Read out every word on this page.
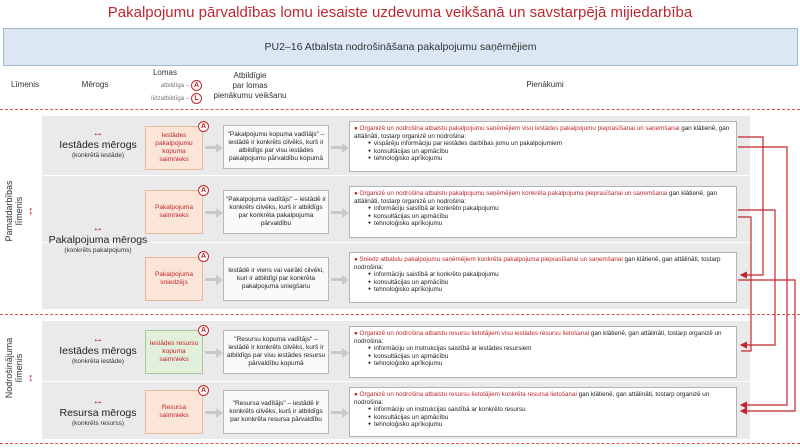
Pakalpojumu pārvaldības lomu iesaiste uzdevuma veikšanā un savstarpējā mijiedarbība
PU2–16 Atbalsta nodrošināšana pakalpojumu saņēmējiem
Līmenis	Mērogs
Lomas
atbildīga – A
līdzatbildīga – L
Atbildīgie
par lomas
pienākumu veikšanu
Pienākumi
Pamatdarbības līmenis ↕
Nodrošinājuma līmenis ↕
↔
Iestādes mērogs
(konkrētā iestāde)
↔
Pakalpojuma mērogs
(konkrēts pakalpojums)
↔
Iestādes mērogs
(konkrēta iestāde)
↔
Resursa mērogs
(konkrēts resurss)
Iestādes pakalpojumu kopuma saimnieks
A
"Pakalpojumu kopuma vadītājs" – iestādē ir konkrēts cilvēks, kurš ir atbildīgs par visu iestādes pakalpojumu pārvaldību kopumā
● Organizē un nodrošina atbalstu pakalpojumu saņēmējiem visu iestādes pakalpojumu pieprasīšanai un saņemšanai gan klātienē, gan attālināti, tostarp organizē un nodrošina:
● vispārēju informāciju par iestādes darbības jomu un pakalpojumiem
● konsultācijas un apmācību
● tehnoloģisko aprīkojumu
Pakalpojuma saimnieks
A
"Pakalpojuma vadītājs" – iestādē ir konkrēts cilvēks, kurš ir atbildīgs par konkrēta pakalpojuma pārvaldību
● Organizē un nodrošina atbalstu pakalpojumu saņēmējiem konkrēta pakalpojuma pieprasīšanai un saņemšanai gan klātienē, gan attālināti, tostarp organizē un nodrošina:
● informāciju saistībā ar konkrēto pakalpojumu
● konsultācijas un apmācību
● tehnoloģisko aprīkojumu
Pakalpojuma sniedzējs
A
Iestādē ir viens vai vairāki cilvēki, kuri ir atbildīgi par konkrēta pakalpojuma sniegšanu
● Sniedz atbalstu pakalpojumu saņēmējiem konkrēta pakalpojuma pieprasīšanai un saņemšanai gan klātienē, gan attālināti, tostarp nodrošina:
● informāciju saistībā ar konkrēto pakalpojumu
● konsultācijas un apmācību
● tehnoloģisko aprīkojumu
Iestādes resursu kopuma saimnieks
A
"Resursu kopuma vadītājs" – iestādē ir konkrēts cilvēks, kurš ir atbildīgs par visu iestādes resursu pārvaldību kopumā
● Organizē un nodrošina atbalstu resursu lietotājiem visu iestādes resursu lietošanai gan klātienē, gan attālināti, tostarp organizē un nodrošina:
● informāciju un instrukcijas saistībā ar iestādes resursiem
● konsultācijas un apmācību
● tehnoloģisko aprīkojumu
Resursa saimnieks
A
"Resursa vadītājs" – iestādē ir konkrēts cilvēks, kurš ir atbildīgs par konkrēta resursa pārvaldību
● Organizē un nodrošina atbalstu resursu lietotājiem konkrēta resursa lietošanai gan klātienē, gan attālināti, tostarp organizē un nodrošina:
● informāciju un instrukcijas saistībā ar konkrēto resursu
● konsultācijas un apmācību
● tehnoloģisko aprīkojumu
